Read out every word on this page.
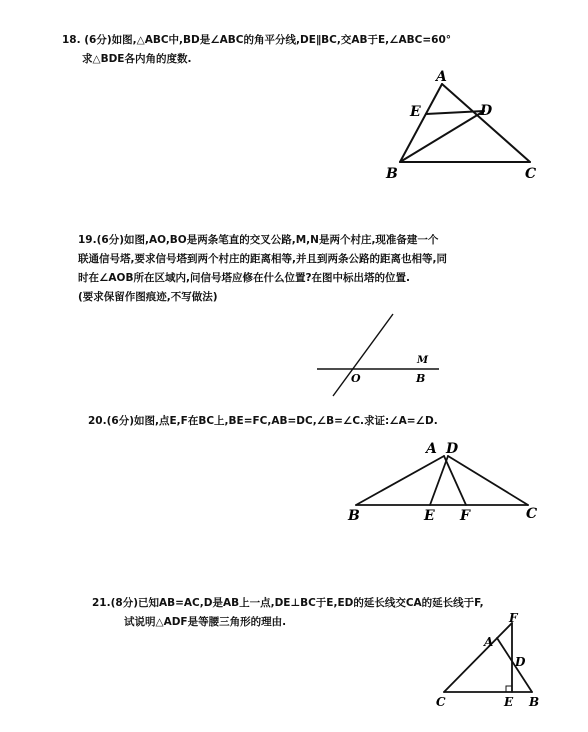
18. (6分)如图,△ABC中,BD是∠ABC的角平分线,DE∥BC,交AB于E,∠ABC=60°
求△BDE各内角的度数.
A
E	D
B	C
19.(6分)如图,AO,BO是两条笔直的交叉公路,M,N是两个村庄,现准备建一个
联通信号塔,要求信号塔到两个村庄的距离相等,并且到两条公路的距离也相等,同
时在∠AOB所在区域内,问信号塔应修在什么位置?在图中标出塔的位置.
(要求保留作图痕迹,不写做法)
M
O	B
20.(6分)如图,点E,F在BC上,BE=FC,AB=DC,∠B=∠C.求证:∠A=∠D.
A D
B	E F	C
21.(8分)已知AB=AC,D是AB上一点,DE⊥BC于E,ED的延长线交CA的延长线于F,
试说明△ADF是等腰三角形的理由.	F
A
D
C	E B
